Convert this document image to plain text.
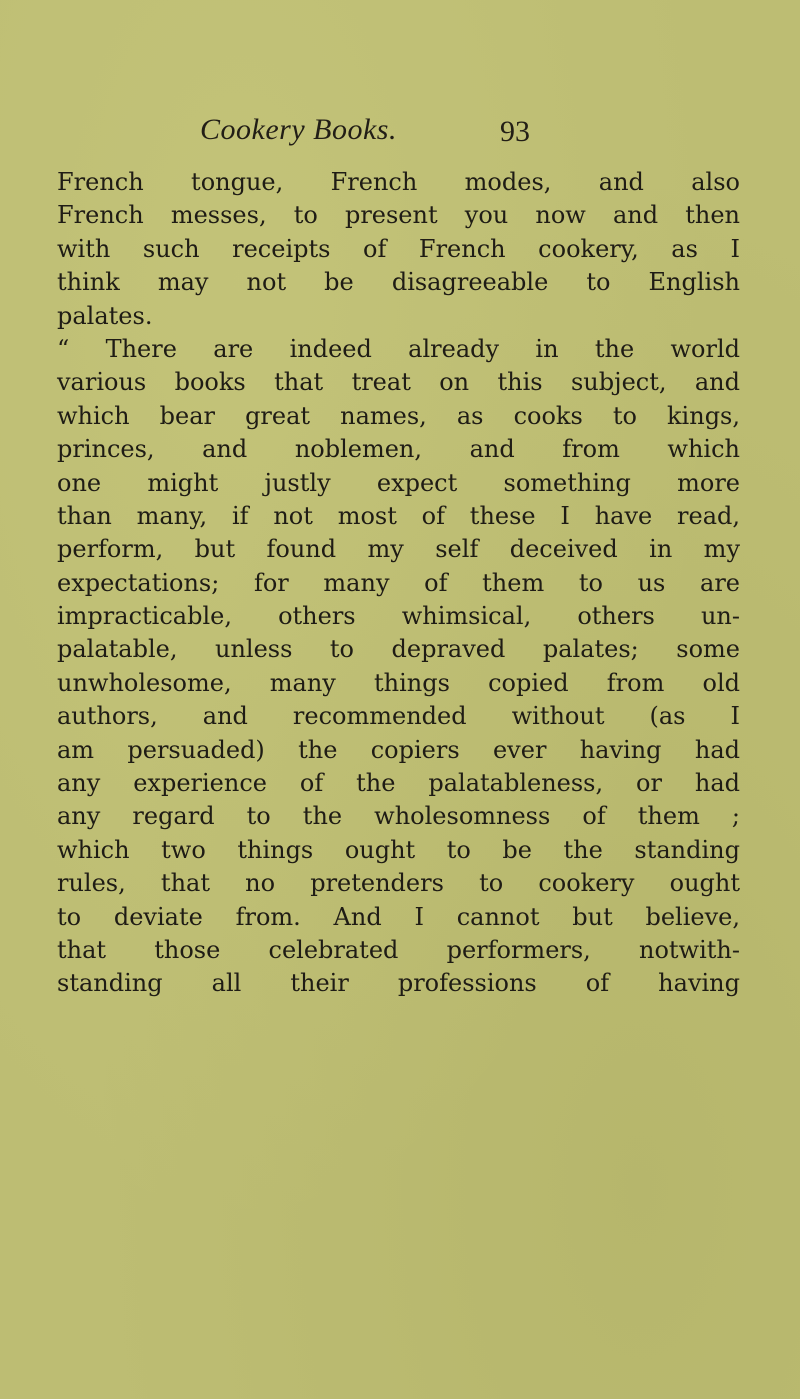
Cookery Books.	93
French tongue, French modes, and also
French messes, to present you now and then
with such receipts of French cookery, as I
think may not be disagreeable to English
palates.
“ There are indeed already in the world
various books that treat on this subject, and
which bear great names, as cooks to kings,
princes, and noblemen, and from which
one might justly expect something more
than many, if not most of these I have read,
perform, but found my self deceived in my
expectations; for many of them to us are
impracticable, others whimsical, others un-
palatable, unless to depraved palates; some
unwholesome, many things copied from old
authors, and recommended without (as I
am persuaded) the copiers ever having had
any experience of the palatableness, or had
any regard to the wholesomness of them ;
which two things ought to be the standing
rules, that no pretenders to cookery ought
to deviate from. And I cannot but believe,
that those celebrated performers, notwith-
standing all their professions of having
